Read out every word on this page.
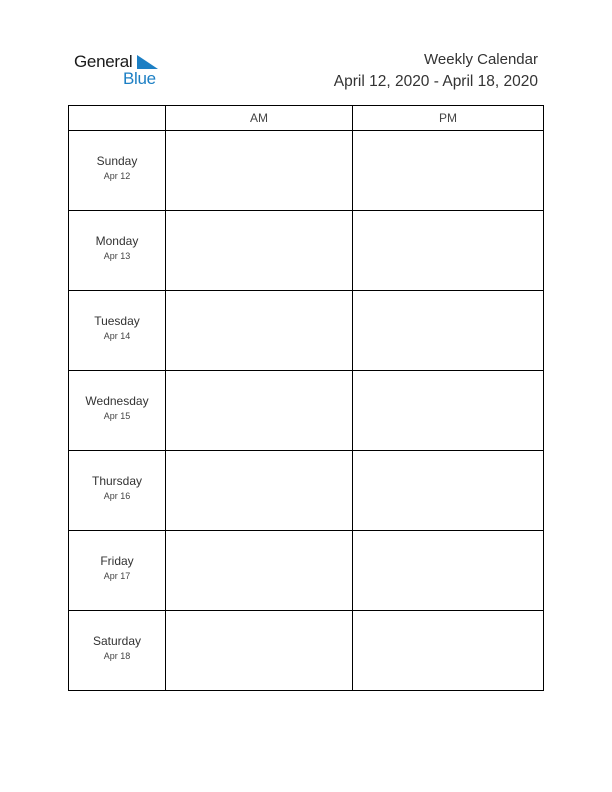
General
Blue
Weekly Calendar
April 12, 2020 - April 18, 2020
	AM	PM

Sunday
Apr 12		

Monday
Apr 13		

Tuesday
Apr 14		

Wednesday
Apr 15		

Thursday
Apr 16		

Friday
Apr 17		

Saturday
Apr 18		
